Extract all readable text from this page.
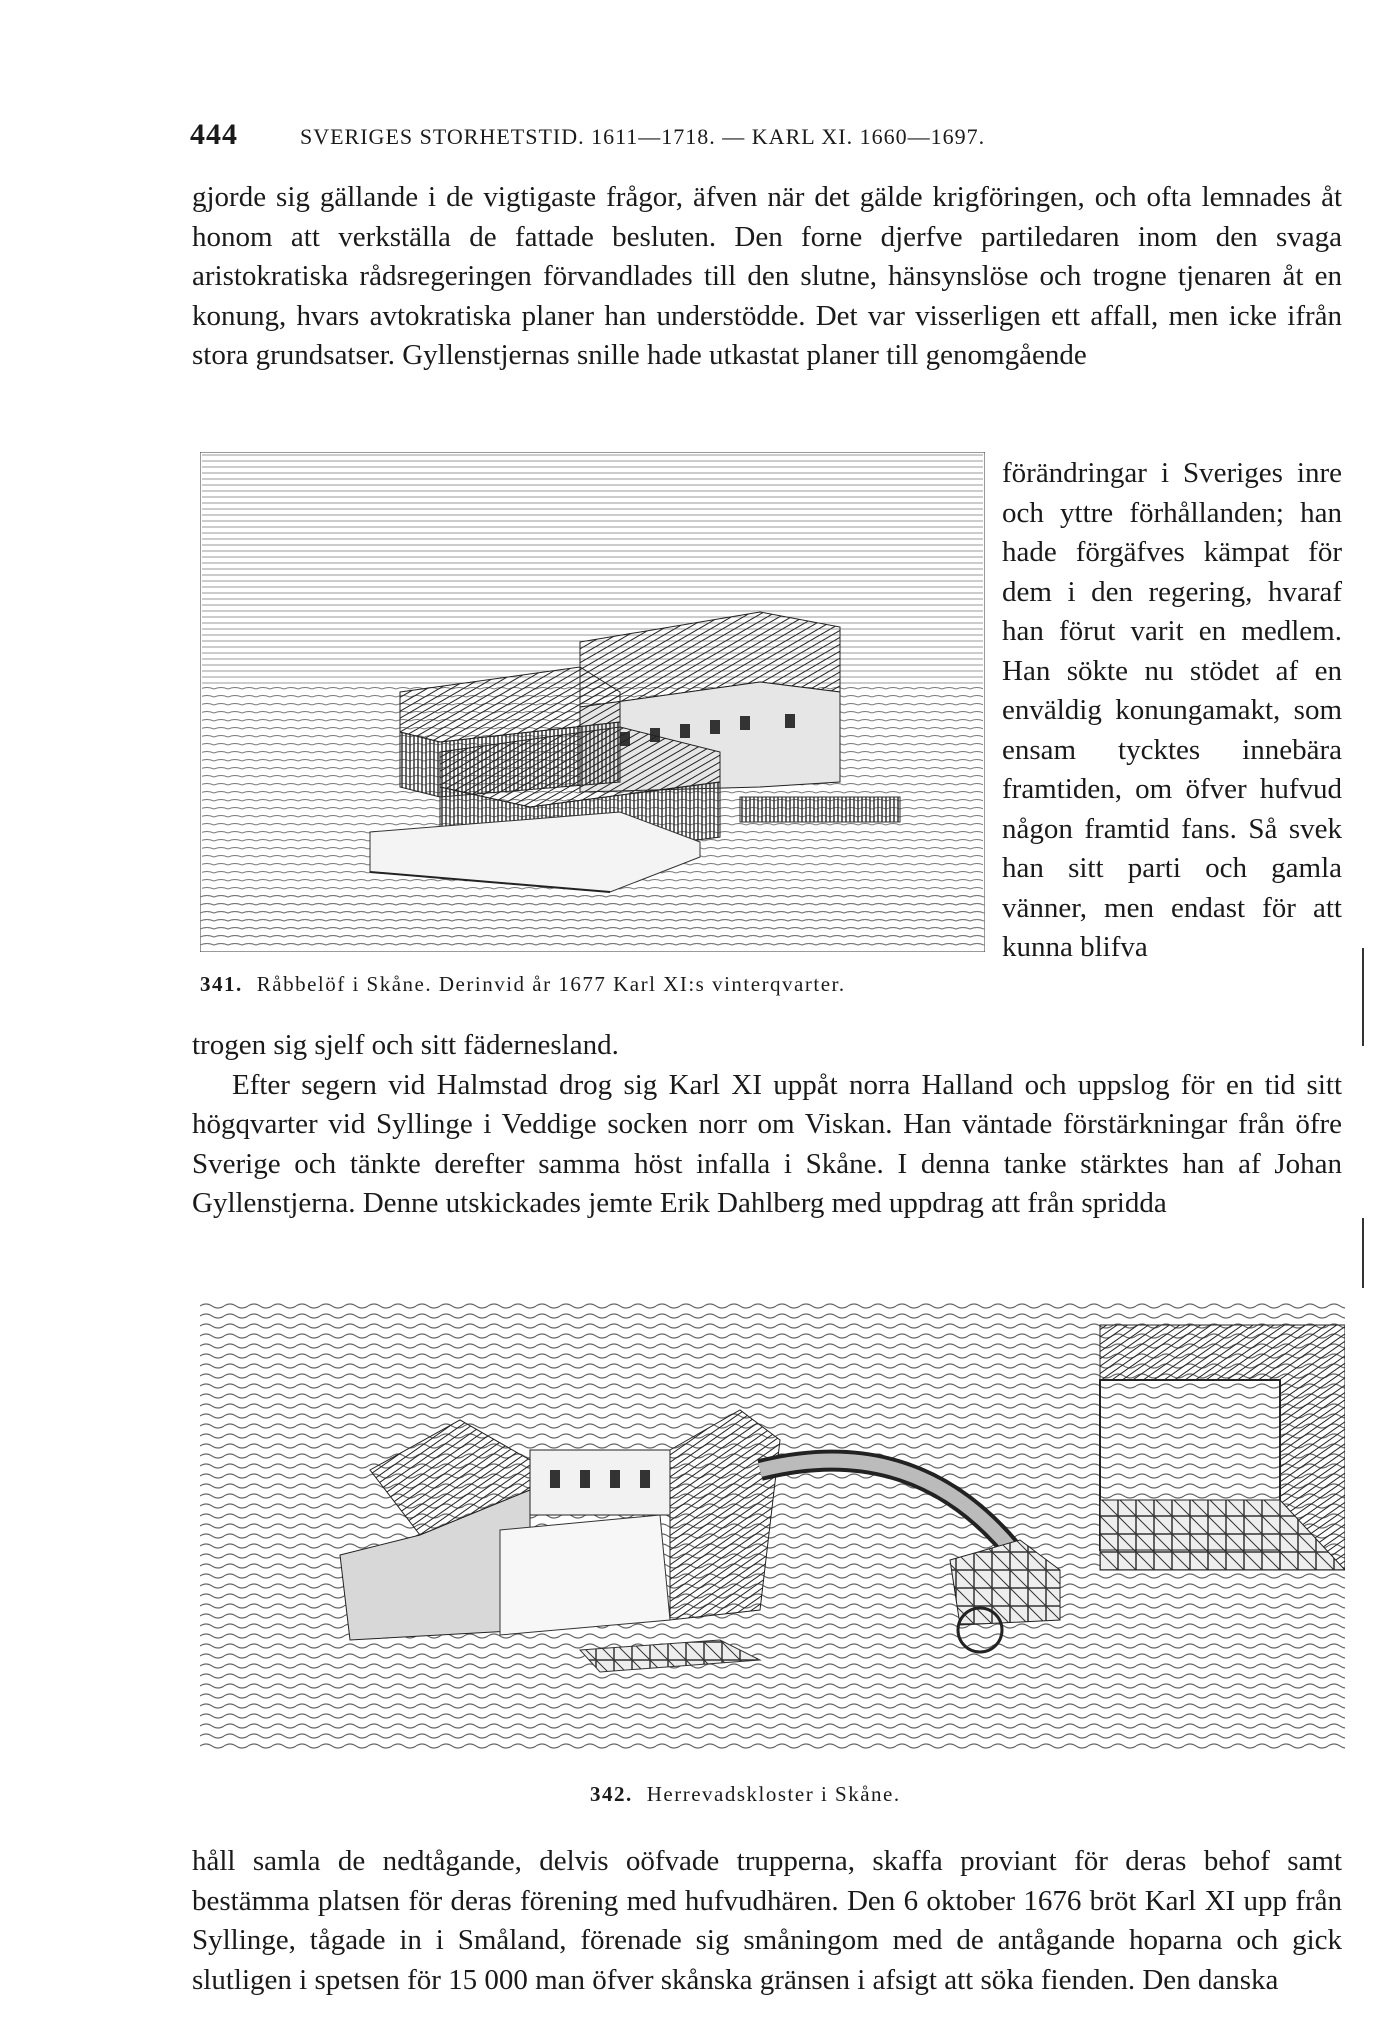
444	SVERIGES STORHETSTID. 1611—1718. — KARL XI. 1660—1697.
gjorde sig gällande i de vigtigaste frågor, äfven när det gälde krigföringen, och ofta lemnades åt honom att verkställa de fattade besluten. Den forne djerfve partiledaren inom den svaga aristokratiska rådsregeringen förvandlades till den slutne, hänsynslöse och trogne tjenaren åt en konung, hvars avtokratiska planer han understödde. Det var visserligen ett affall, men icke ifrån stora grundsatser. Gyllenstjernas snille hade utkastat planer till genomgående
förändringar i Sveriges inre och yttre förhållanden; han hade förgäfves kämpat för dem i den regering, hvaraf han förut varit en medlem. Han sökte nu stödet af en enväldig konungamakt, som ensam tycktes innebära framtiden, om öfver hufvud någon framtid fans. Så svek han sitt parti och gamla vänner, men endast för att kunna blifva
341. Råbbelöf i Skåne. Derinvid år 1677 Karl XI:s vinterqvarter.
trogen sig sjelf och sitt fädernesland.
Efter segern vid Halmstad drog sig Karl XI uppåt norra Halland och uppslog för en tid sitt högqvarter vid Syllinge i Veddige socken norr om Viskan. Han väntade förstärkningar från öfre Sverige och tänkte derefter samma höst infalla i Skåne. I denna tanke stärktes han af Johan Gyllenstjerna. Denne utskickades jemte Erik Dahlberg med uppdrag att från spridda
342. Herrevadskloster i Skåne.
håll samla de nedtågande, delvis oöfvade trupperna, skaffa proviant för deras behof samt bestämma platsen för deras förening med hufvudhären. Den 6 oktober 1676 bröt Karl XI upp från Syllinge, tågade in i Småland, förenade sig småningom med de antågande hoparna och gick slutligen i spetsen för 15 000 man öfver skånska gränsen i afsigt att söka fienden. Den danska
